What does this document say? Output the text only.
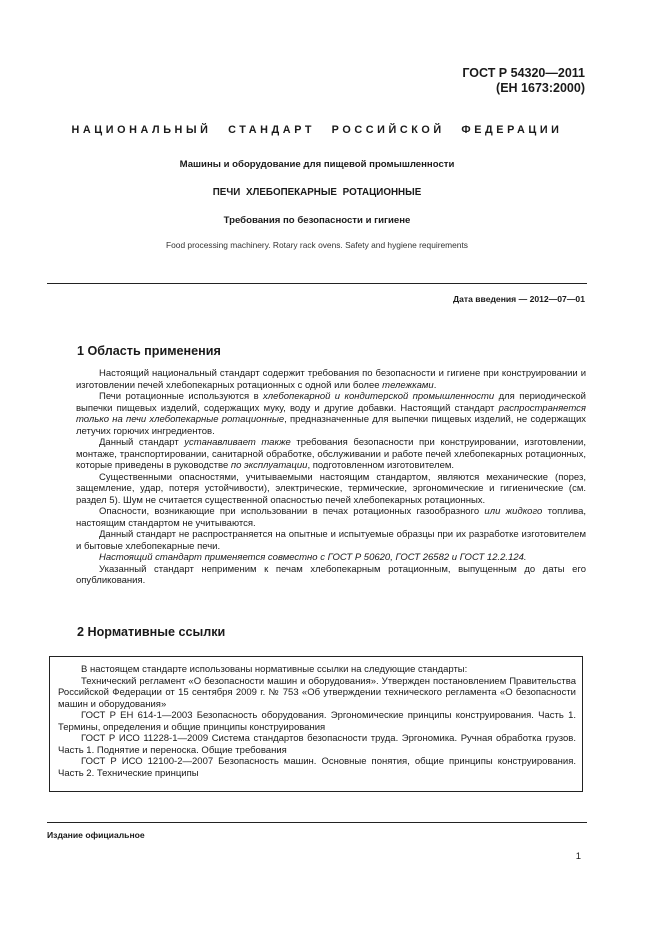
ГОСТ Р 54320—2011
(ЕН 1673:2000)
НАЦИОНАЛЬНЫЙ СТАНДАРТ РОССИЙСКОЙ ФЕДЕРАЦИИ
Машины и оборудование для пищевой промышленности
ПЕЧИ ХЛЕБОПЕКАРНЫЕ РОТАЦИОННЫЕ
Требования по безопасности и гигиене
Food processing machinery. Rotary rack ovens. Safety and hygiene requirements
Дата введения — 2012—07—01
1 Область применения

Настоящий национальный стандарт содержит требования по безопасности и гигиене при конструировании и изготовлении печей хлебопекарных ротационных с одной или более тележками.

Печи ротационные используются в хлебопекарной и кондитерской промышленности для периодической выпечки пищевых изделий, содержащих муку, воду и другие добавки. Настоящий стандарт распространяется только на печи хлебопекарные ротационные, предназначенные для выпечки пищевых изделий, не содержащих летучих горючих ингредиентов.

Данный стандарт устанавливает также требования безопасности при конструировании, изготовлении, монтаже, транспортировании, санитарной обработке, обслуживании и работе печей хлебопекарных ротационных, которые приведены в руководстве по эксплуатации, подготовленном изготовителем.

Существенными опасностями, учитываемыми настоящим стандартом, являются механические (порез, защемление, удар, потеря устойчивости), электрические, термические, эргономические и гигиенические (см. раздел 5). Шум не считается существенной опасностью печей хлебопекарных ротационных.

Опасности, возникающие при использовании в печах ротационных газообразного или жидкого топлива, настоящим стандартом не учитываются.

Данный стандарт не распространяется на опытные и испытуемые образцы при их разработке изготовителем и бытовые хлебопекарные печи.

Настоящий стандарт применяется совместно с ГОСТ Р 50620, ГОСТ 26582 и ГОСТ 12.2.124.

Указанный стандарт неприменим к печам хлебопекарным ротационным, выпущенным до даты его опубликования.

2 Нормативные ссылки

В настоящем стандарте использованы нормативные ссылки на следующие стандарты:

Технический регламент «О безопасности машин и оборудования». Утвержден постановлением Правительства Российской Федерации от 15 сентября 2009 г. № 753 «Об утверждении технического регламента «О безопасности машин и оборудования»

ГОСТ Р ЕН 614-1—2003 Безопасность оборудования. Эргономические принципы конструирования. Часть 1. Термины, определения и общие принципы конструирования

ГОСТ Р ИСО 11228-1—2009 Система стандартов безопасности труда. Эргономика. Ручная обработка грузов. Часть 1. Поднятие и переноска. Общие требования

ГОСТ Р ИСО 12100-2—2007 Безопасность машин. Основные понятия, общие принципы конструирования. Часть 2. Технические принципы

Издание официальное
1
